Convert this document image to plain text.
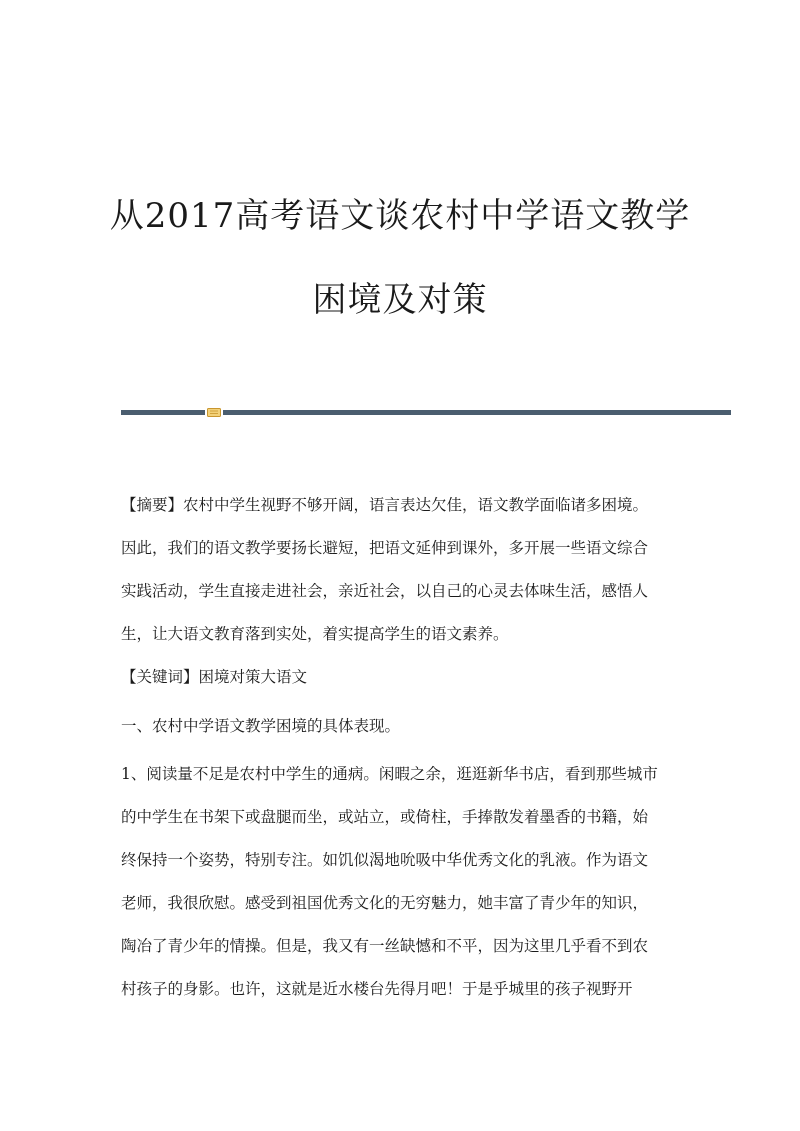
从2017高考语文谈农村中学语文教学
困境及对策

【摘要】农村中学生视野不够开阔，语言表达欠佳，语文教学面临诸多困境。

因此，我们的语文教学要扬长避短，把语文延伸到课外，多开展一些语文综合

实践活动，学生直接走进社会，亲近社会，以自己的心灵去体味生活，感悟人

生，让大语文教育落到实处，着实提高学生的语文素养。

【关键词】困境对策大语文

一、农村中学语文教学困境的具体表现。

1、阅读量不足是农村中学生的通病。闲暇之余，逛逛新华书店，看到那些城市

的中学生在书架下或盘腿而坐，或站立，或倚柱，手捧散发着墨香的书籍，始

终保持一个姿势，特别专注。如饥似渴地吮吸中华优秀文化的乳液。作为语文

老师，我很欣慰。感受到祖国优秀文化的无穷魅力，她丰富了青少年的知识，

陶冶了青少年的情操。但是，我又有一丝缺憾和不平，因为这里几乎看不到农

村孩子的身影。也许，这就是近水楼台先得月吧！于是乎城里的孩子视野开
